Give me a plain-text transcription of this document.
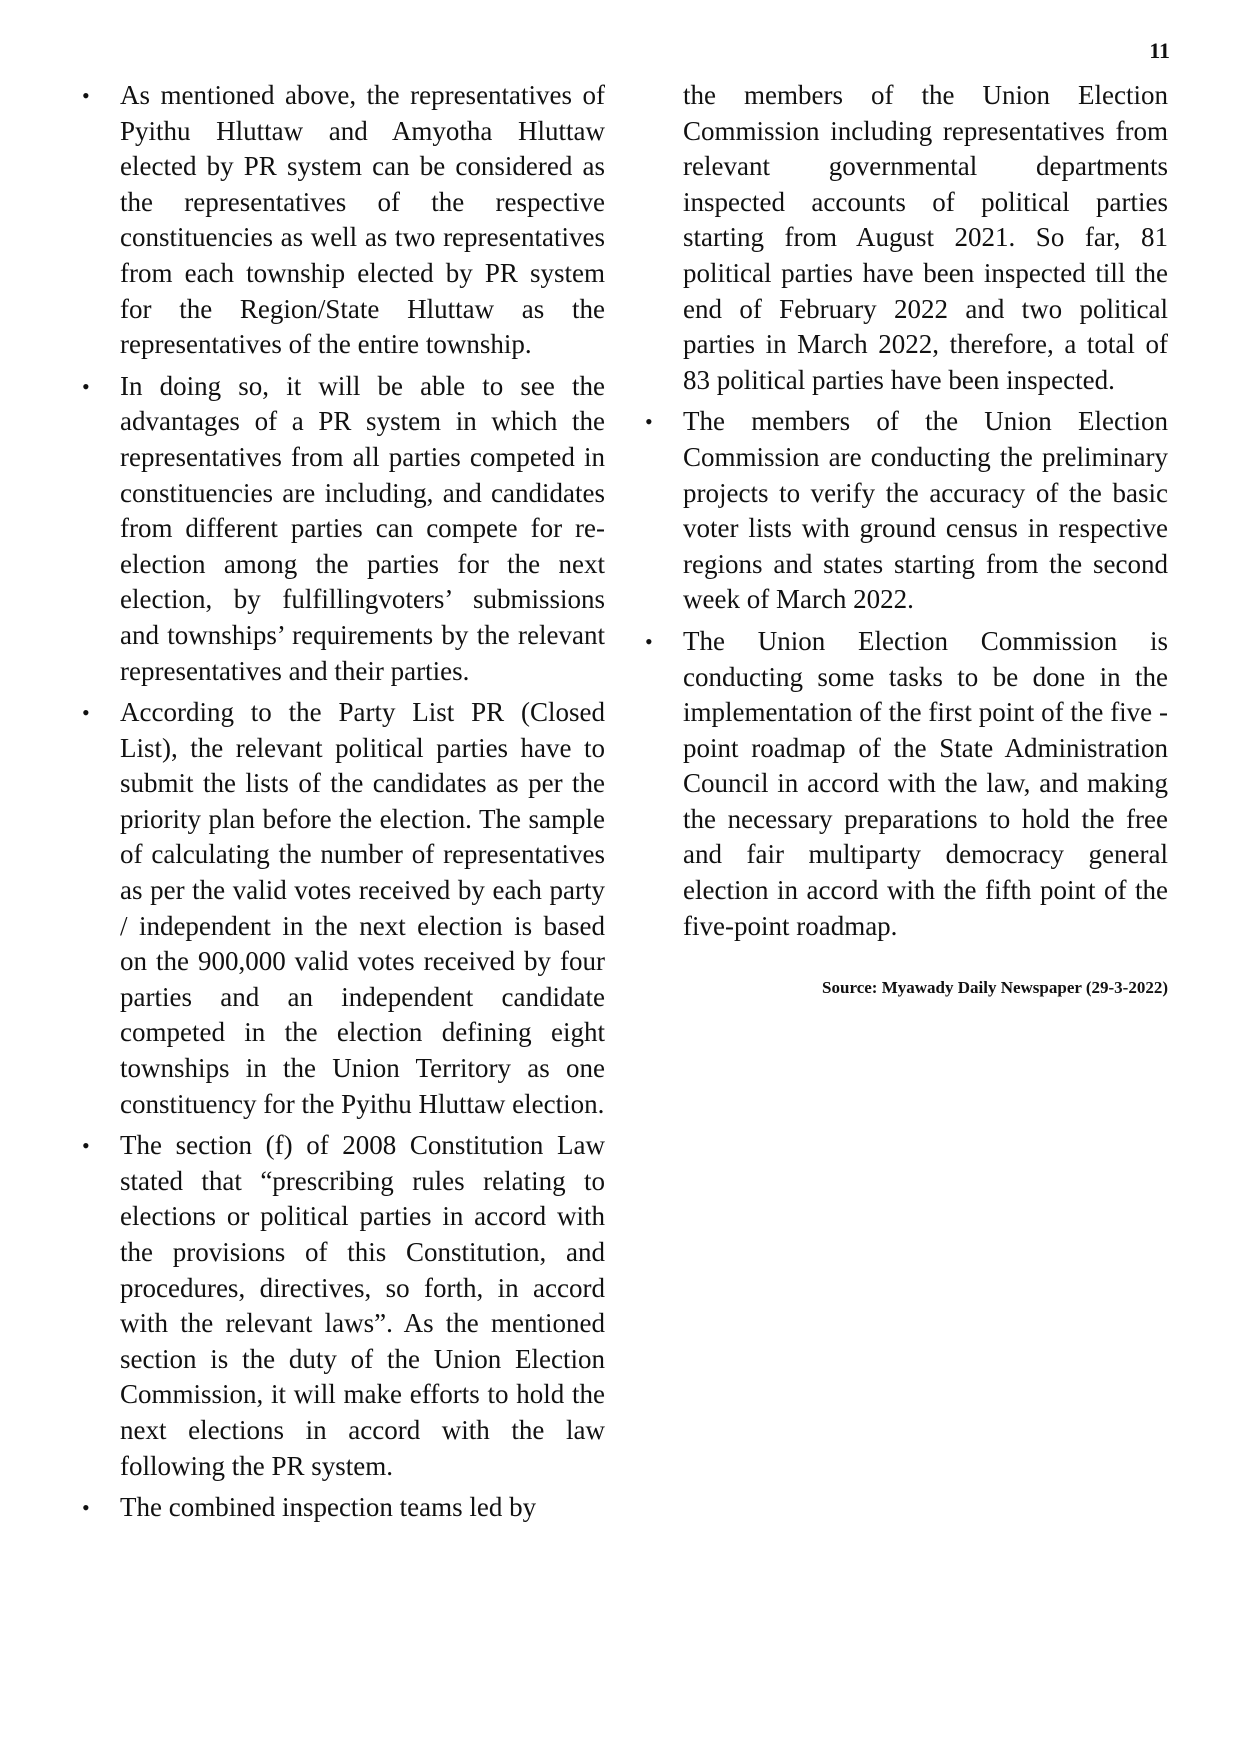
11
• As mentioned above, the representatives of Pyithu Hluttaw and Amyotha Hluttaw elected by PR system can be considered as the representatives of the respective constituencies as well as two representatives from each township elected by PR system for the Region/State Hluttaw as the representatives of the entire township.
• In doing so, it will be able to see the advantages of a PR system in which the representatives from all parties competed in constituencies are including, and candidates from different parties can compete for re-election among the parties for the next election, by fulfillingvoters’ submissions and townships’ requirements by the relevant representatives and their parties.
• According to the Party List PR (Closed List), the relevant political parties have to submit the lists of the candidates as per the priority plan before the election. The sample of calculating the number of representatives as per the valid votes received by each party / independent in the next election is based on the 900,000 valid votes received by four parties and an independent candidate competed in the election defining eight townships in the Union Territory as one constituency for the Pyithu Hluttaw election.
• The section (f) of 2008 Constitution Law stated that “prescribing rules relating to elections or political parties in accord with the provisions of this Constitution, and procedures, directives, so forth, in accord with the relevant laws”. As the mentioned section is the duty of the Union Election Commission, it will make efforts to hold the next elections in accord with the law following the PR system.
• The combined inspection teams led by
the members of the Union Election Commission including representatives from relevant governmental departments inspected accounts of political parties starting from August 2021. So far, 81 political parties have been inspected till the end of February 2022 and two political parties in March 2022, therefore, a total of 83 political parties have been inspected.
• The members of the Union Election Commission are conducting the preliminary projects to verify the accuracy of the basic voter lists with ground census in respective regions and states starting from the second week of March 2022.
• The Union Election Commission is conducting some tasks to be done in the implementation of the first point of the five -point roadmap of the State Administration Council in accord with the law, and making the necessary preparations to hold the free and fair multiparty democracy general election in accord with the fifth point of the five-point roadmap.
Source: Myawady Daily Newspaper (29-3-2022)
